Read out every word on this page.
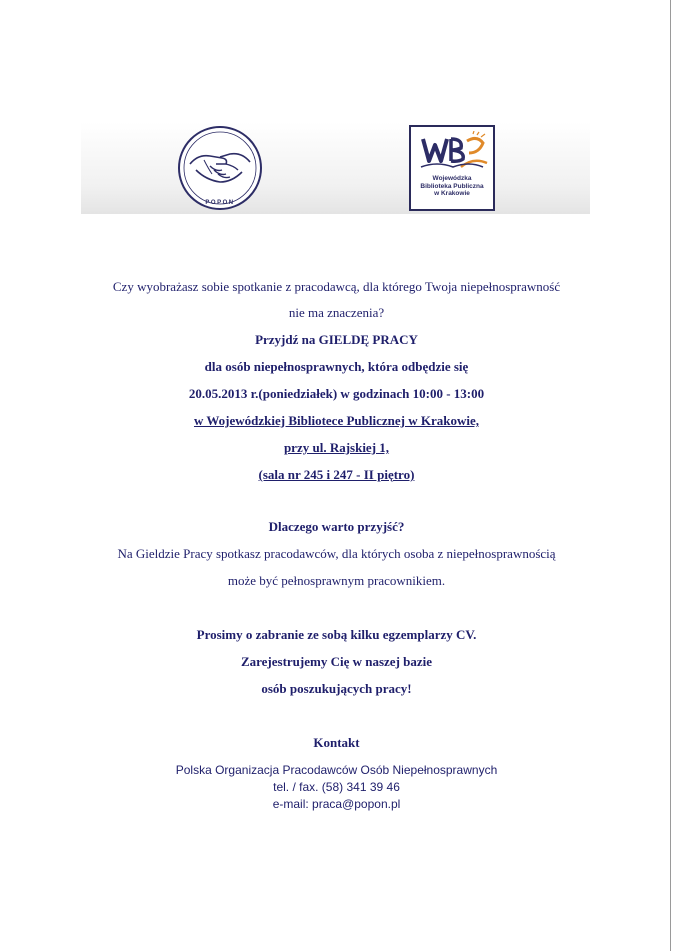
POPON
Wojewódzka
Biblioteka Publiczna
w Krakowie
Czy wyobrażasz sobie spotkanie z pracodawcą, dla którego Twoja niepełnosprawność
nie ma znaczenia?
Przyjdź na GIELDĘ PRACY
dla osób niepełnosprawnych, która odbędzie się
20.05.2013 r.(poniedziałek) w godzinach 10:00 - 13:00
w Wojewódzkiej Bibliotece Publicznej w Krakowie,
przy ul. Rajskiej 1,
(sala nr 245 i 247 - II piętro)
Dlaczego warto przyjść?
Na Gieldzie Pracy spotkasz pracodawców, dla których osoba z niepełnosprawnością
może być pełnosprawnym pracownikiem.
Prosimy o zabranie ze sobą kilku egzemplarzy CV.
Zarejestrujemy Cię w naszej bazie
osób poszukujących pracy!
Kontakt
Polska Organizacja Pracodawców Osób Niepełnosprawnych
tel. / fax. (58) 341 39 46
e-mail: praca@popon.pl
